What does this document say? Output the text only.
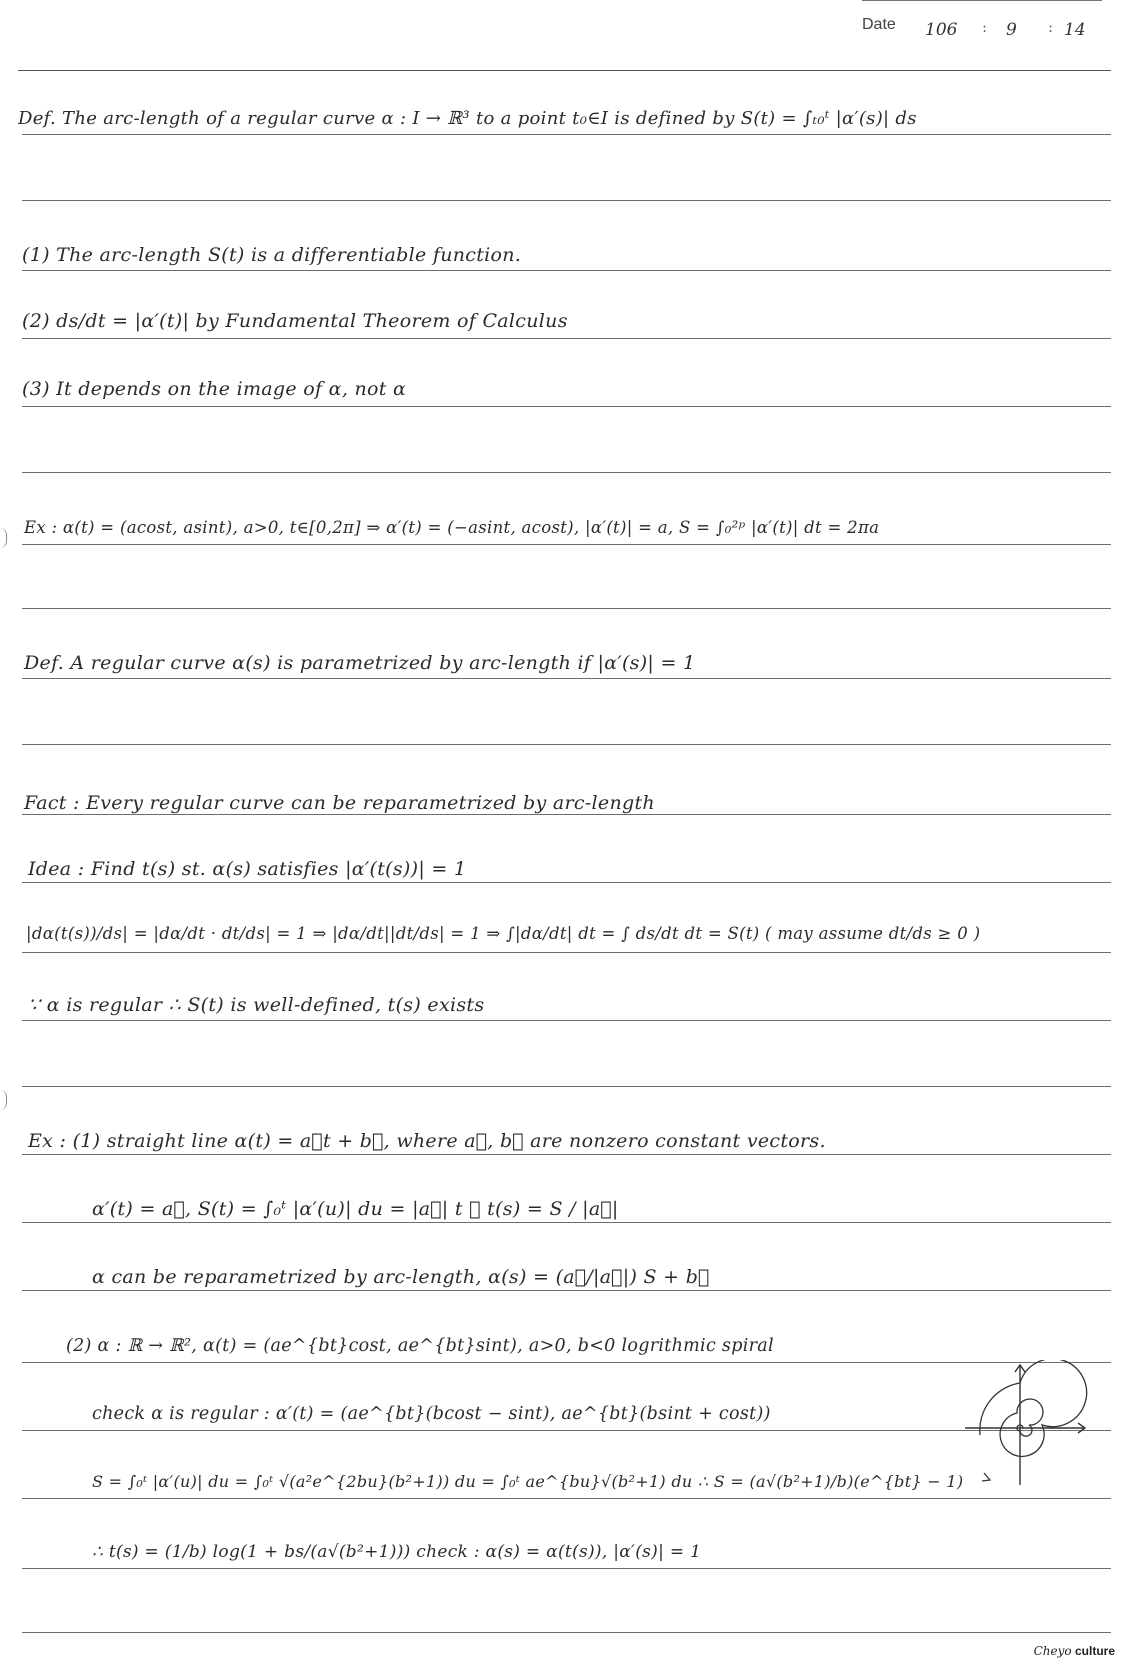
Date 106 : 9 : 14
Def. The arc-length of a regular curve α : I → ℝ³ to a point t₀∈I is defined by S(t) = ∫ₜ₀ᵗ |α′(s)| ds
(1) The arc-length S(t) is a differentiable function.
(2) ds/dt = |α′(t)| by Fundamental Theorem of Calculus
(3) It depends on the image of α, not α
Ex : α(t) = (acost, asint), a>0, t∈[0,2π] ⇒ α′(t) = (−asint, acost), |α′(t)| = a, S = ∫₀²ᵖ |α′(t)| dt = 2πa
Def. A regular curve α(s) is parametrized by arc-length if |α′(s)| = 1
Fact : Every regular curve can be reparametrized by arc-length
Idea : Find t(s) st. α(s) satisfies |α′(t(s))| = 1
|dα(t(s))/ds| = |dα/dt · dt/ds| = 1 ⇒ |dα/dt||dt/ds| = 1 ⇒ ∫|dα/dt| dt = ∫ ds/dt dt = S(t) ( may assume dt/ds ≥ 0 )
∵ α is regular ∴ S(t) is well-defined, t(s) exists
Ex : (1) straight line α(t) = a⃗t + b⃗, where a⃗, b⃗ are nonzero constant vectors.
α′(t) = a⃗, S(t) = ∫₀ᵗ |α′(u)| du = |a⃗| t ∴ t(s) = S / |a⃗|
α can be reparametrized by arc-length, α(s) = (a⃗/|a⃗|) S + b⃗
(2) α : ℝ → ℝ², α(t) = (ae^{bt}cost, ae^{bt}sint), a>0, b<0 logrithmic spiral
check α is regular : α′(t) = (ae^{bt}(bcost − sint), ae^{bt}(bsint + cost))
S = ∫₀ᵗ |α′(u)| du = ∫₀ᵗ √(a²e^{2bu}(b²+1)) du = ∫₀ᵗ ae^{bu}√(b²+1) du ∴ S = (a√(b²+1)/b)(e^{bt} − 1)
∴ t(s) = (1/b) log(1 + bs/(a√(b²+1))) check : α(s) = α(t(s)), |α′(s)| = 1
Cheyo culture
